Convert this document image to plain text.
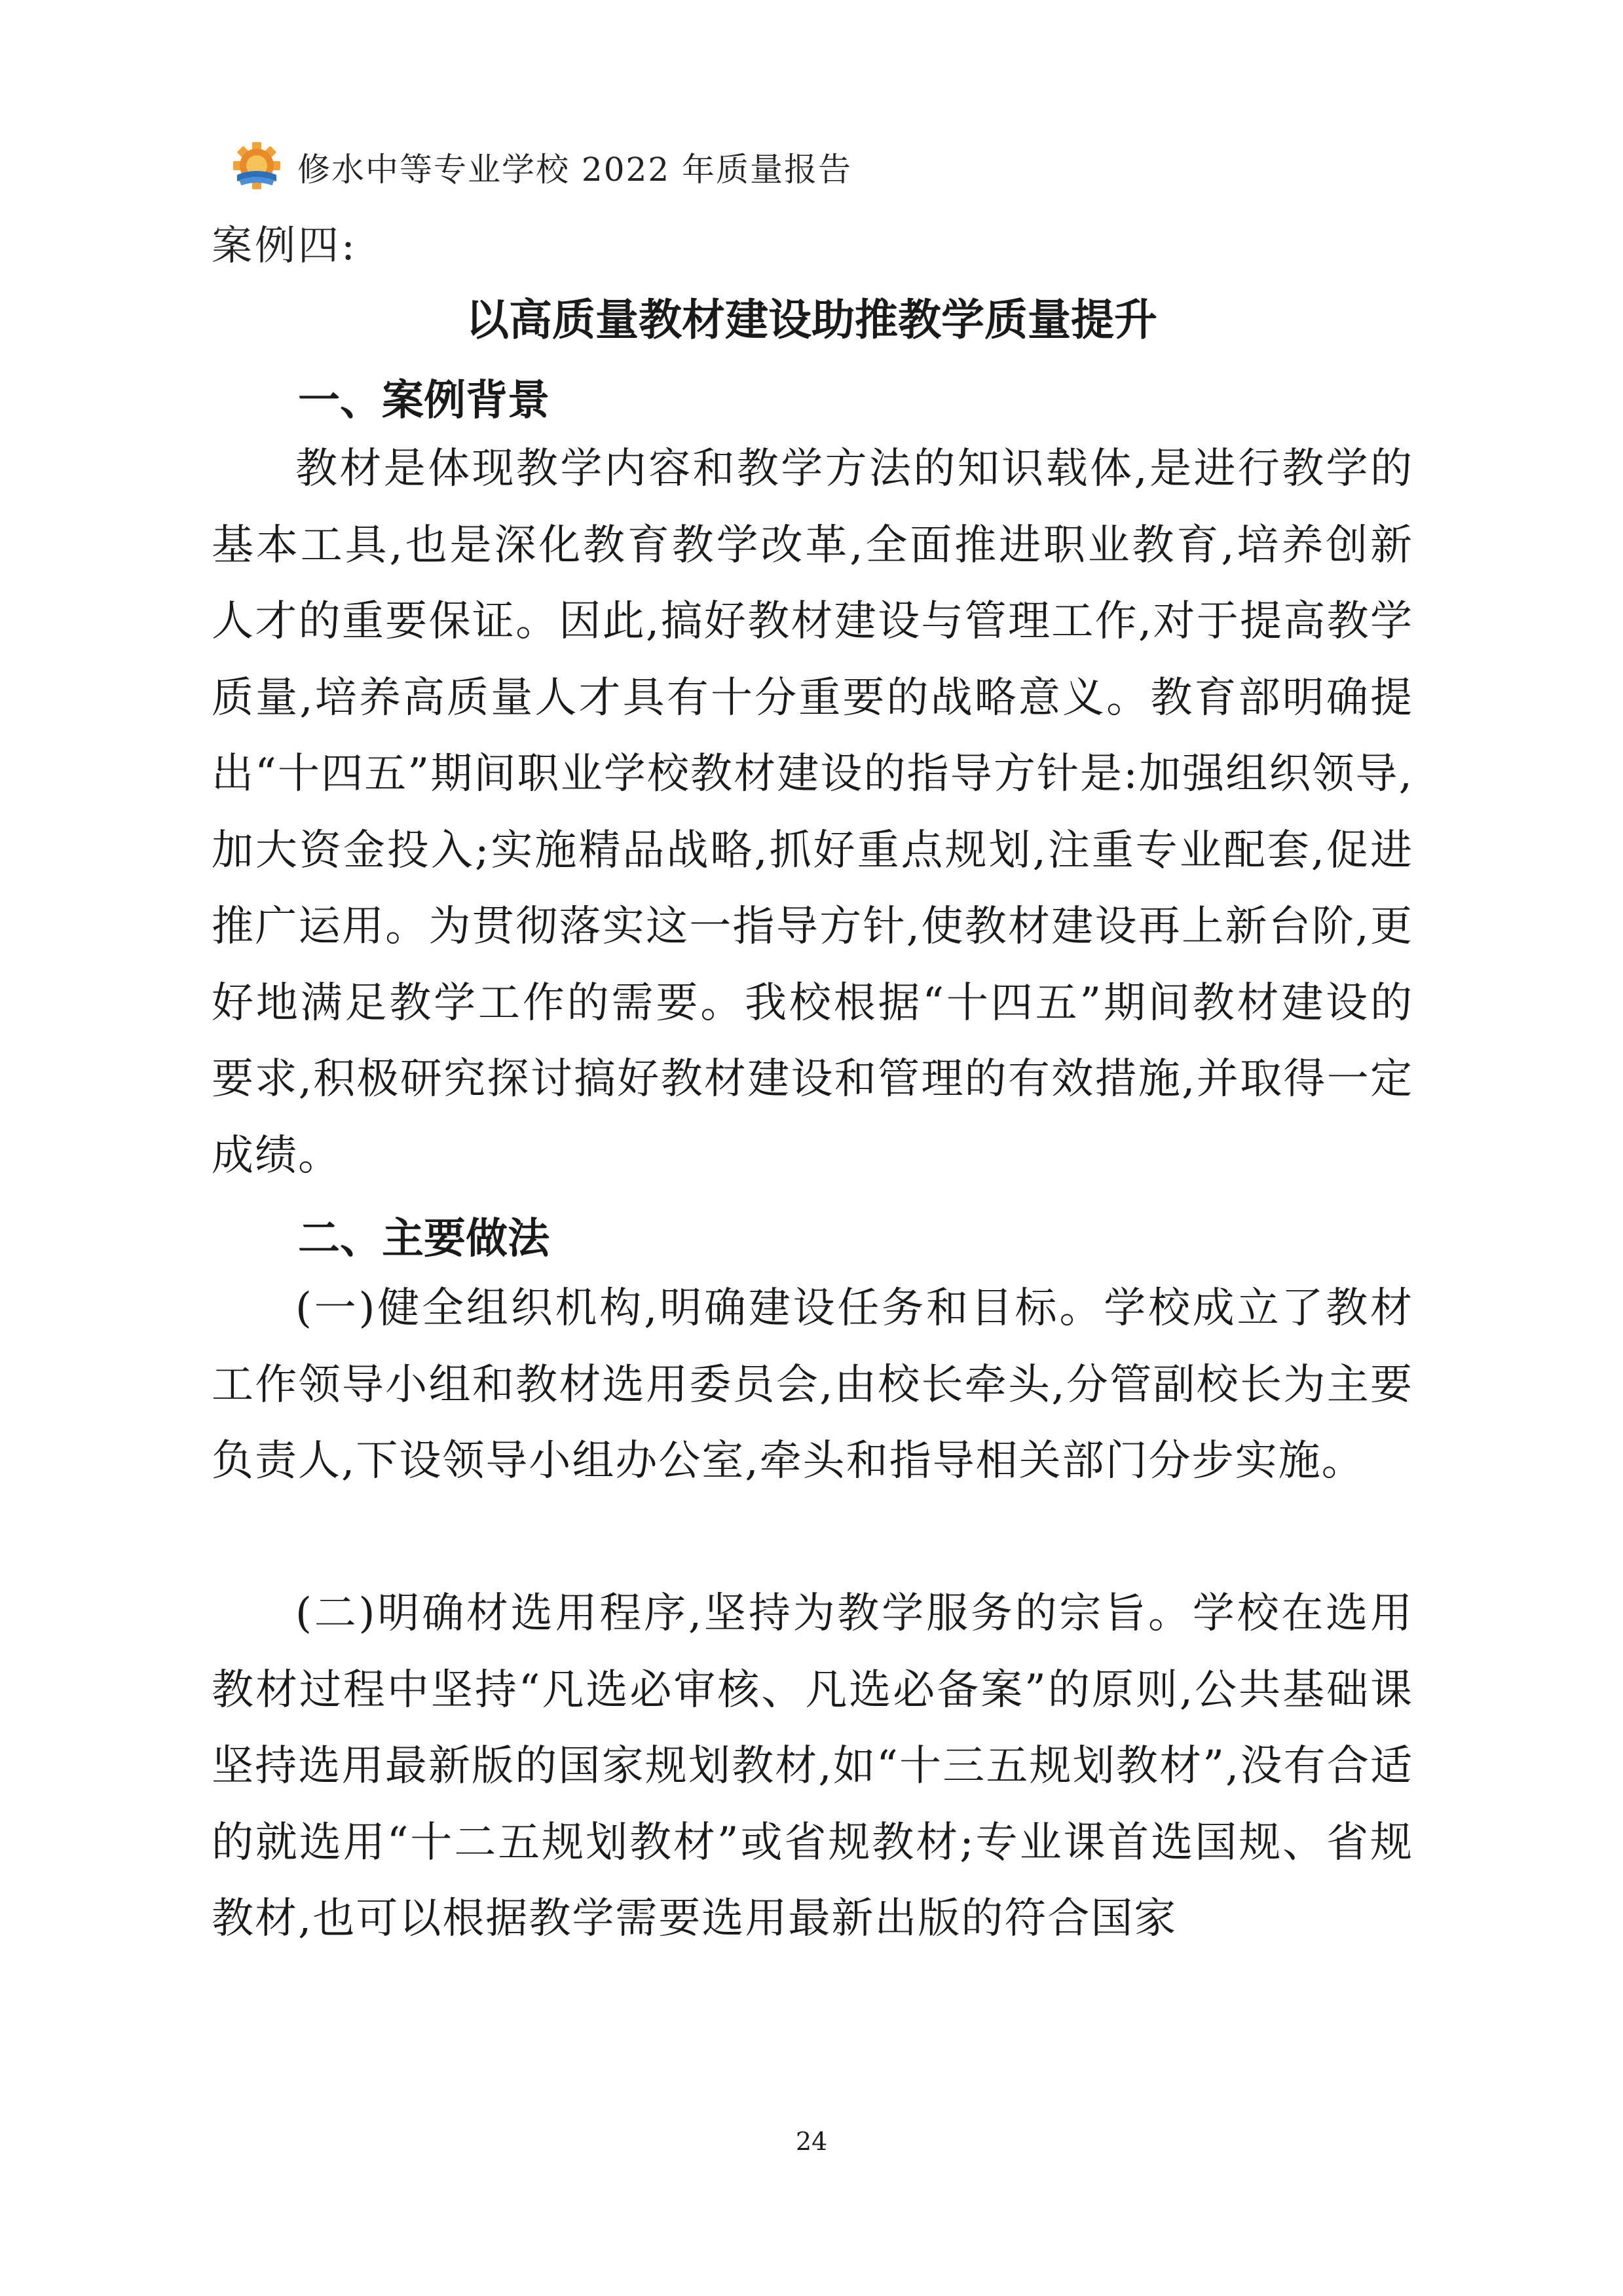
修水中等专业学校 2022 年质量报告
案例四:
以高质量教材建设助推教学质量提升
一、案例背景
教材是体现教学内容和教学方法的知识载体,是进行教学的基本工具,也是深化教育教学改革,全面推进职业教育,培养创新人才的重要保证。因此,搞好教材建设与管理工作,对于提高教学质量,培养高质量人才具有十分重要的战略意义。教育部明确提出“十四五”期间职业学校教材建设的指导方针是:加强组织领导,加大资金投入;实施精品战略,抓好重点规划,注重专业配套,促进推广运用。为贯彻落实这一指导方针,使教材建设再上新台阶,更好地满足教学工作的需要。我校根据“十四五”期间教材建设的要求,积极研究探讨搞好教材建设和管理的有效措施,并取得一定成绩。
二、主要做法
(一)健全组织机构,明确建设任务和目标。学校成立了教材工作领导小组和教材选用委员会,由校长牵头,分管副校长为主要负责人,下设领导小组办公室,牵头和指导相关部门分步实施。
(二)明确材选用程序,坚持为教学服务的宗旨。学校在选用教材过程中坚持“凡选必审核、凡选必备案”的原则,公共基础课坚持选用最新版的国家规划教材,如“十三五规划教材”,没有合适的就选用“十二五规划教材”或省规教材;专业课首选国规、省规教材,也可以根据教学需要选用最新出版的符合国家
24
